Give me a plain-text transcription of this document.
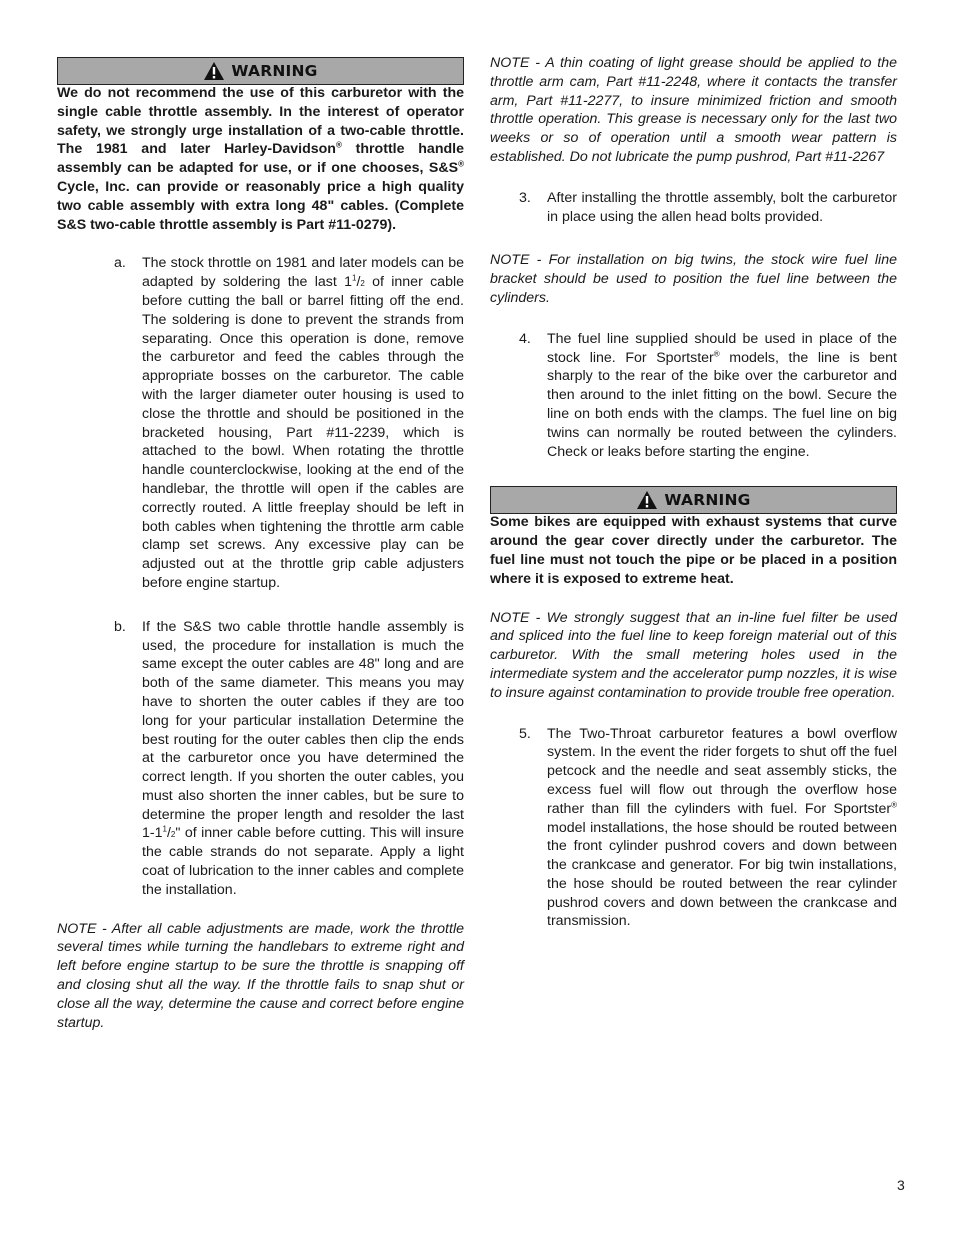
WARNING

We do not recommend the use of this carburetor with the single cable throttle assembly. In the interest of operator safety, we strongly urge installation of a two-cable throttle. The 1981 and later Harley-Davidson® throttle handle assembly can be adapted for use, or if one chooses, S&S® Cycle, Inc. can provide or reasonably price a high quality two cable assembly with extra long 48" cables. (Complete S&S two-cable throttle assembly is Part #11-0279).

a.	The stock throttle on 1981 and later models can be adapted by soldering the last $1^1/2$ of inner cable before cutting the ball or barrel fitting off the end. The soldering is done to prevent the strands from separating. Once this operation is done, remove the carburetor and feed the cables through the appropriate bosses on the carburetor. The cable with the larger diameter outer housing is used to close the throttle and should be positioned in the bracketed housing, Part #11-2239, which is attached to the bowl. When rotating the throttle handle counterclockwise, looking at the end of the handlebar, the throttle will open if the cables are correctly routed. A little freeplay should be left in both cables when tightening the throttle arm cable clamp set screws. Any excessive play can be adjusted out at the throttle grip cable adjusters before engine startup.

b.	If the S&S two cable throttle handle assembly is used, the procedure for installation is much the same except the outer cables are 48" long and are both of the same diameter. This means you may have to shorten the outer cables if they are too long for your particular installation Determine the best routing for the outer cables then clip the ends at the carburetor once you have determined the correct length. If you shorten the outer cables, you must also shorten the inner cables, but be sure to determine the proper length and resolder the last $1-1^1/2$" of inner cable before cutting. This will insure the cable strands do not separate. Apply a light coat of lubrication to the inner cables and complete the installation.

NOTE - After all cable adjustments are made, work the throttle several times while turning the handlebars to extreme right and left before engine startup to be sure the throttle is snapping off and closing shut all the way. If the throttle fails to snap shut or close all the way, determine the cause and correct before engine startup.

NOTE - A thin coating of light grease should be applied to the throttle arm cam, Part #11-2248, where it contacts the transfer arm, Part #11-2277, to insure minimized friction and smooth throttle operation. This grease is necessary only for the last two weeks or so of operation until a smooth wear pattern is established. Do not lubricate the pump pushrod, Part #11-2267

3.	After installing the throttle assembly, bolt the carburetor in place using the allen head bolts provided.

NOTE - For installation on big twins, the stock wire fuel line bracket should be used to position the fuel line between the cylinders.

4.	The fuel line supplied should be used in place of the stock line. For Sportster® models, the line is bent sharply to the rear of the bike over the carburetor and then around to the inlet fitting on the bowl. Secure the line on both ends with the clamps. The fuel line on big twins can normally be routed between the cylinders. Check or leaks before starting the engine.

WARNING

Some bikes are equipped with exhaust systems that curve around the gear cover directly under the carburetor. The fuel line must not touch the pipe or be placed in a position where it is exposed to extreme heat.

NOTE - We strongly suggest that an in-line fuel filter be used and spliced into the fuel line to keep foreign material out of this carburetor. With the small metering holes used in the intermediate system and the accelerator pump nozzles, it is wise to insure against contamination to provide trouble free operation.

5.	The Two-Throat carburetor features a bowl overflow system. In the event the rider forgets to shut off the fuel petcock and the needle and seat assembly sticks, the excess fuel will flow out through the overflow hose rather than fill the cylinders with fuel. For Sportster® model installations, the hose should be routed between the front cylinder pushrod covers and down between the crankcase and generator. For big twin installations, the hose should be routed between the rear cylinder pushrod covers and down between the crankcase and transmission.

3
